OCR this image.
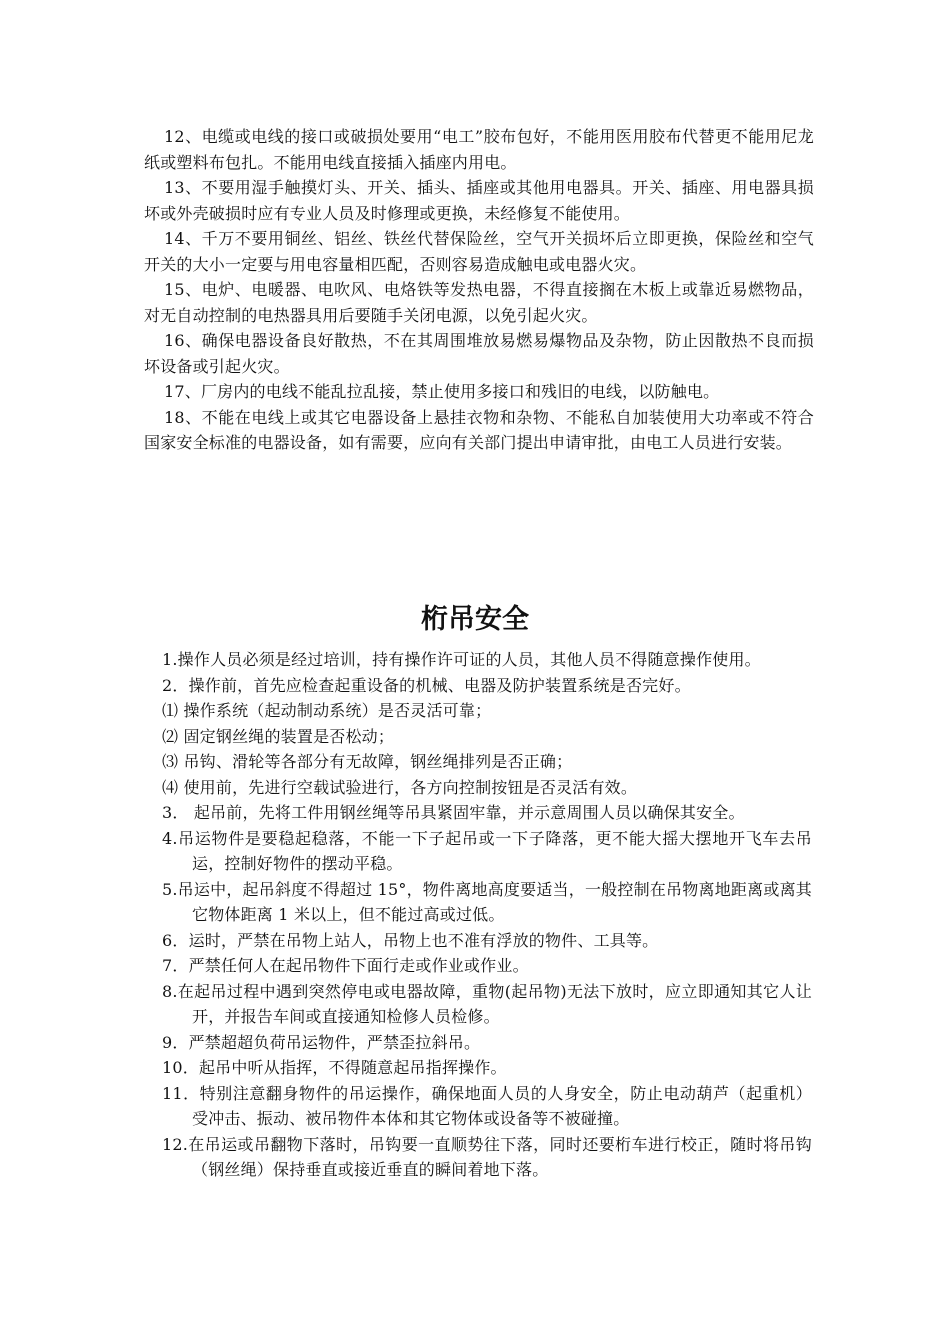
12、电缆或电线的接口或破损处要用“电工”胶布包好，不能用医用胶布代替更不能用尼龙纸或塑料布包扎。不能用电线直接插入插座内用电。

13、不要用湿手触摸灯头、开关、插头、插座或其他用电器具。开关、插座、用电器具损坏或外壳破损时应有专业人员及时修理或更换，未经修复不能使用。

14、千万不要用铜丝、铝丝、铁丝代替保险丝，空气开关损坏后立即更换，保险丝和空气开关的大小一定要与用电容量相匹配，否则容易造成触电或电器火灾。

15、电炉、电暖器、电吹风、电烙铁等发热电器，不得直接搁在木板上或靠近易燃物品，对无自动控制的电热器具用后要随手关闭电源，以免引起火灾。

16、确保电器设备良好散热，不在其周围堆放易燃易爆物品及杂物，防止因散热不良而损坏设备或引起火灾。

17、厂房内的电线不能乱拉乱接，禁止使用多接口和残旧的电线，以防触电。

18、不能在电线上或其它电器设备上悬挂衣物和杂物、不能私自加装使用大功率或不符合国家安全标准的电器设备，如有需要，应向有关部门提出申请审批，由电工人员进行安装。

桁吊安全

1.操作人员必须是经过培训，持有操作许可证的人员，其他人员不得随意操作使用。

2．操作前，首先应检查起重设备的机械、电器及防护装置系统是否完好。

⑴ 操作系统（起动制动系统）是否灵活可靠；

⑵ 固定钢丝绳的装置是否松动；

⑶ 吊钩、滑轮等各部分有无故障，钢丝绳排列是否正确；

⑷ 使用前，先进行空载试验进行，各方向控制按钮是否灵活有效。

3． 起吊前，先将工件用钢丝绳等吊具紧固牢靠，并示意周围人员以确保其安全。

4.吊运物件是要稳起稳落，不能一下子起吊或一下子降落，更不能大摇大摆地开飞车去吊运，控制好物件的摆动平稳。

5.吊运中，起吊斜度不得超过 15°，物件离地高度要适当，一般控制在吊物离地距离或离其它物体距离 1 米以上，但不能过高或过低。

6．运时，严禁在吊物上站人，吊物上也不准有浮放的物件、工具等。

7．严禁任何人在起吊物件下面行走或作业或作业。

8.在起吊过程中遇到突然停电或电器故障，重物(起吊物)无法下放时，应立即通知其它人让开，并报告车间或直接通知检修人员检修。

9．严禁超超负荷吊运物件，严禁歪拉斜吊。

10．起吊中听从指挥，不得随意起吊指挥操作。

11．特别注意翻身物件的吊运操作，确保地面人员的人身安全，防止电动葫芦（起重机）受冲击、振动、被吊物件本体和其它物体或设备等不被碰撞。

12.在吊运或吊翻物下落时，吊钩要一直顺势往下落，同时还要桁车进行校正，随时将吊钩（钢丝绳）保持垂直或接近垂直的瞬间着地下落。
